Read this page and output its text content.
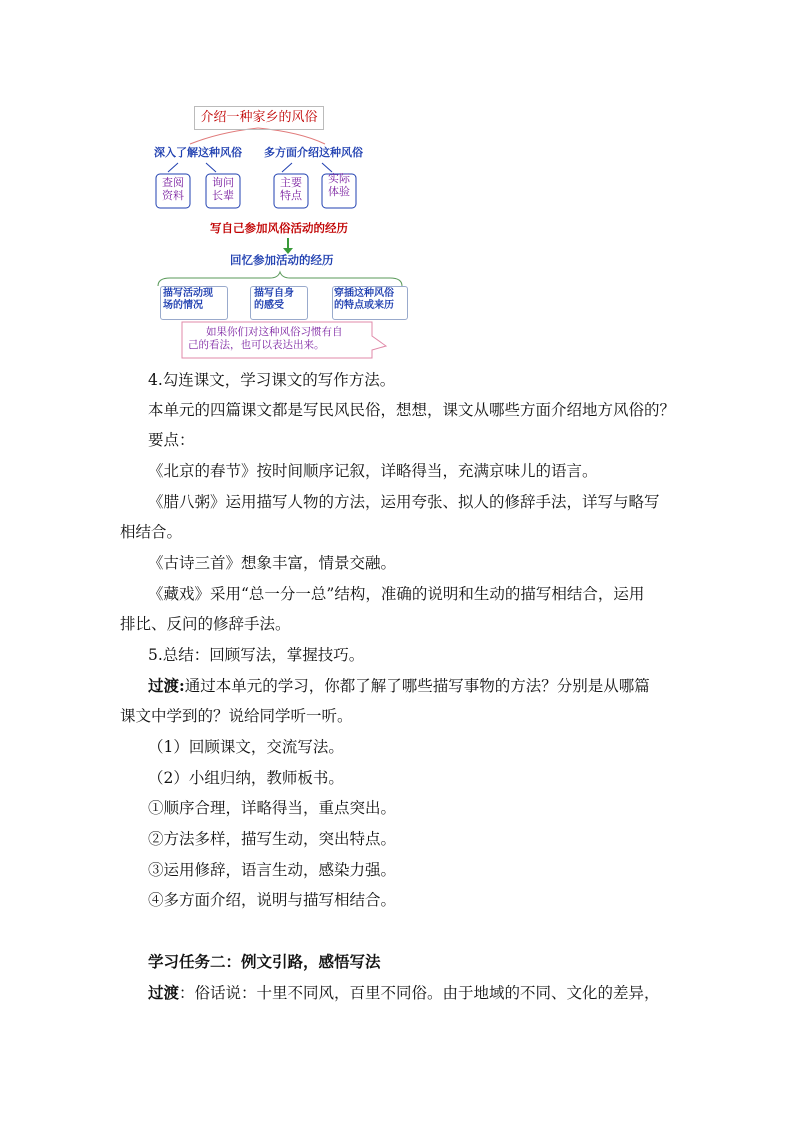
介绍一种家乡的风俗
深入了解这种风俗 多方面介绍这种风俗
查阅
资料
询问
长辈
主要
特点
实际
体验
写自己参加风俗活动的经历
回忆参加活动的经历
描写活动现
场的情况
描写自身
的感受
穿插这种风俗
的特点或来历
如果你们对这种风俗习惯有自
己的看法，也可以表达出来。
4.勾连课文，学习课文的写作方法。
本单元的四篇课文都是写民风民俗，想想，课文从哪些方面介绍地方风俗的？
要点：
《北京的春节》按时间顺序记叙，详略得当，充满京味儿的语言。
《腊八粥》运用描写人物的方法，运用夸张、拟人的修辞手法，详写与略写
相结合。
《古诗三首》想象丰富，情景交融。
《藏戏》采用“总一分一总”结构，准确的说明和生动的描写相结合，运用
排比、反问的修辞手法。
5.总结：回顾写法，掌握技巧。
过渡:通过本单元的学习，你都了解了哪些描写事物的方法？分别是从哪篇
课文中学到的？说给同学听一听。
（1）回顾课文，交流写法。
（2）小组归纳，教师板书。
①顺序合理，详略得当，重点突出。
②方法多样，描写生动，突出特点。
③运用修辞，语言生动，感染力强。
④多方面介绍，说明与描写相结合。
学习任务二：例文引路，感悟写法
过渡：俗话说：十里不同风，百里不同俗。由于地域的不同、文化的差异，
